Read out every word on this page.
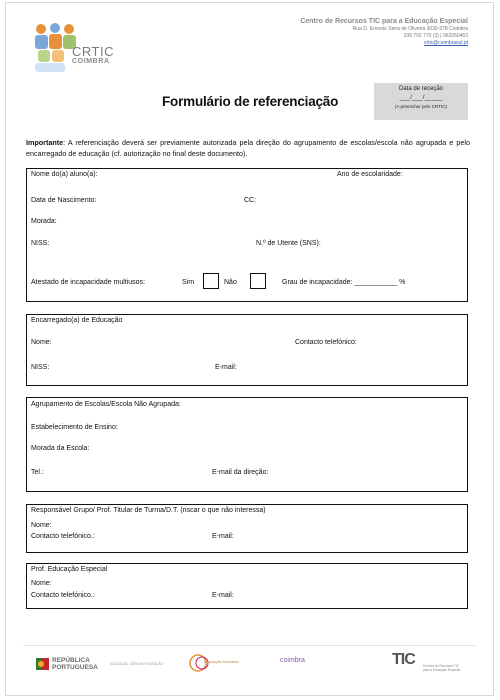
CRTIC
COIMBRA
Centro de Recursos TIC para a Educação Especial
Rua D. Ernesto Sena de Oliveira 3030-378 Coimbra
239 792 770 (3) | 962050463
crtic@coimbrasul.pt
Formulário de referenciação
Data de receção
___/___/_____
(A preencher pelo CRTIC)
Importante: A referenciação deverá ser previamente autorizada pela direção do agrupamento de escolas/escola não agrupada e pelo encarregado de educação (cf. autorização no final deste documento).
Nome do(a) aluno(a):	Ano de escolaridade:
Data de Nascimento:	CC:
Morada:
NISS:	N.º de Utente (SNS):
Atestado de incapacidade multiusos:	Sim	Não	Grau de incapacidade: ___________ %
Encarregado(a) de Educação
Nome:	Contacto telefónico:
NISS:	E-mail:
Agrupamento de Escolas/Escola Não Agrupada:
Estabelecimento de Ensino:
Morada da Escola:
Tel.:	E-mail da direção:
Responsável Grupo/ Prof. Titular de Turma/D.T. (riscar o que não interessa)
Nome:
Contacto telefónico.:	E-mail:
Prof. Educação Especial
Nome:
Contacto telefónico.:	E-mail:
REPÚBLICA
PORTUGUESA	EDUCAÇÃO, CIÊNCIA E INOVAÇÃO	Educação Inclusiva	coimbra	TIC	Centros de Recursos TIC para a Educação Especial
